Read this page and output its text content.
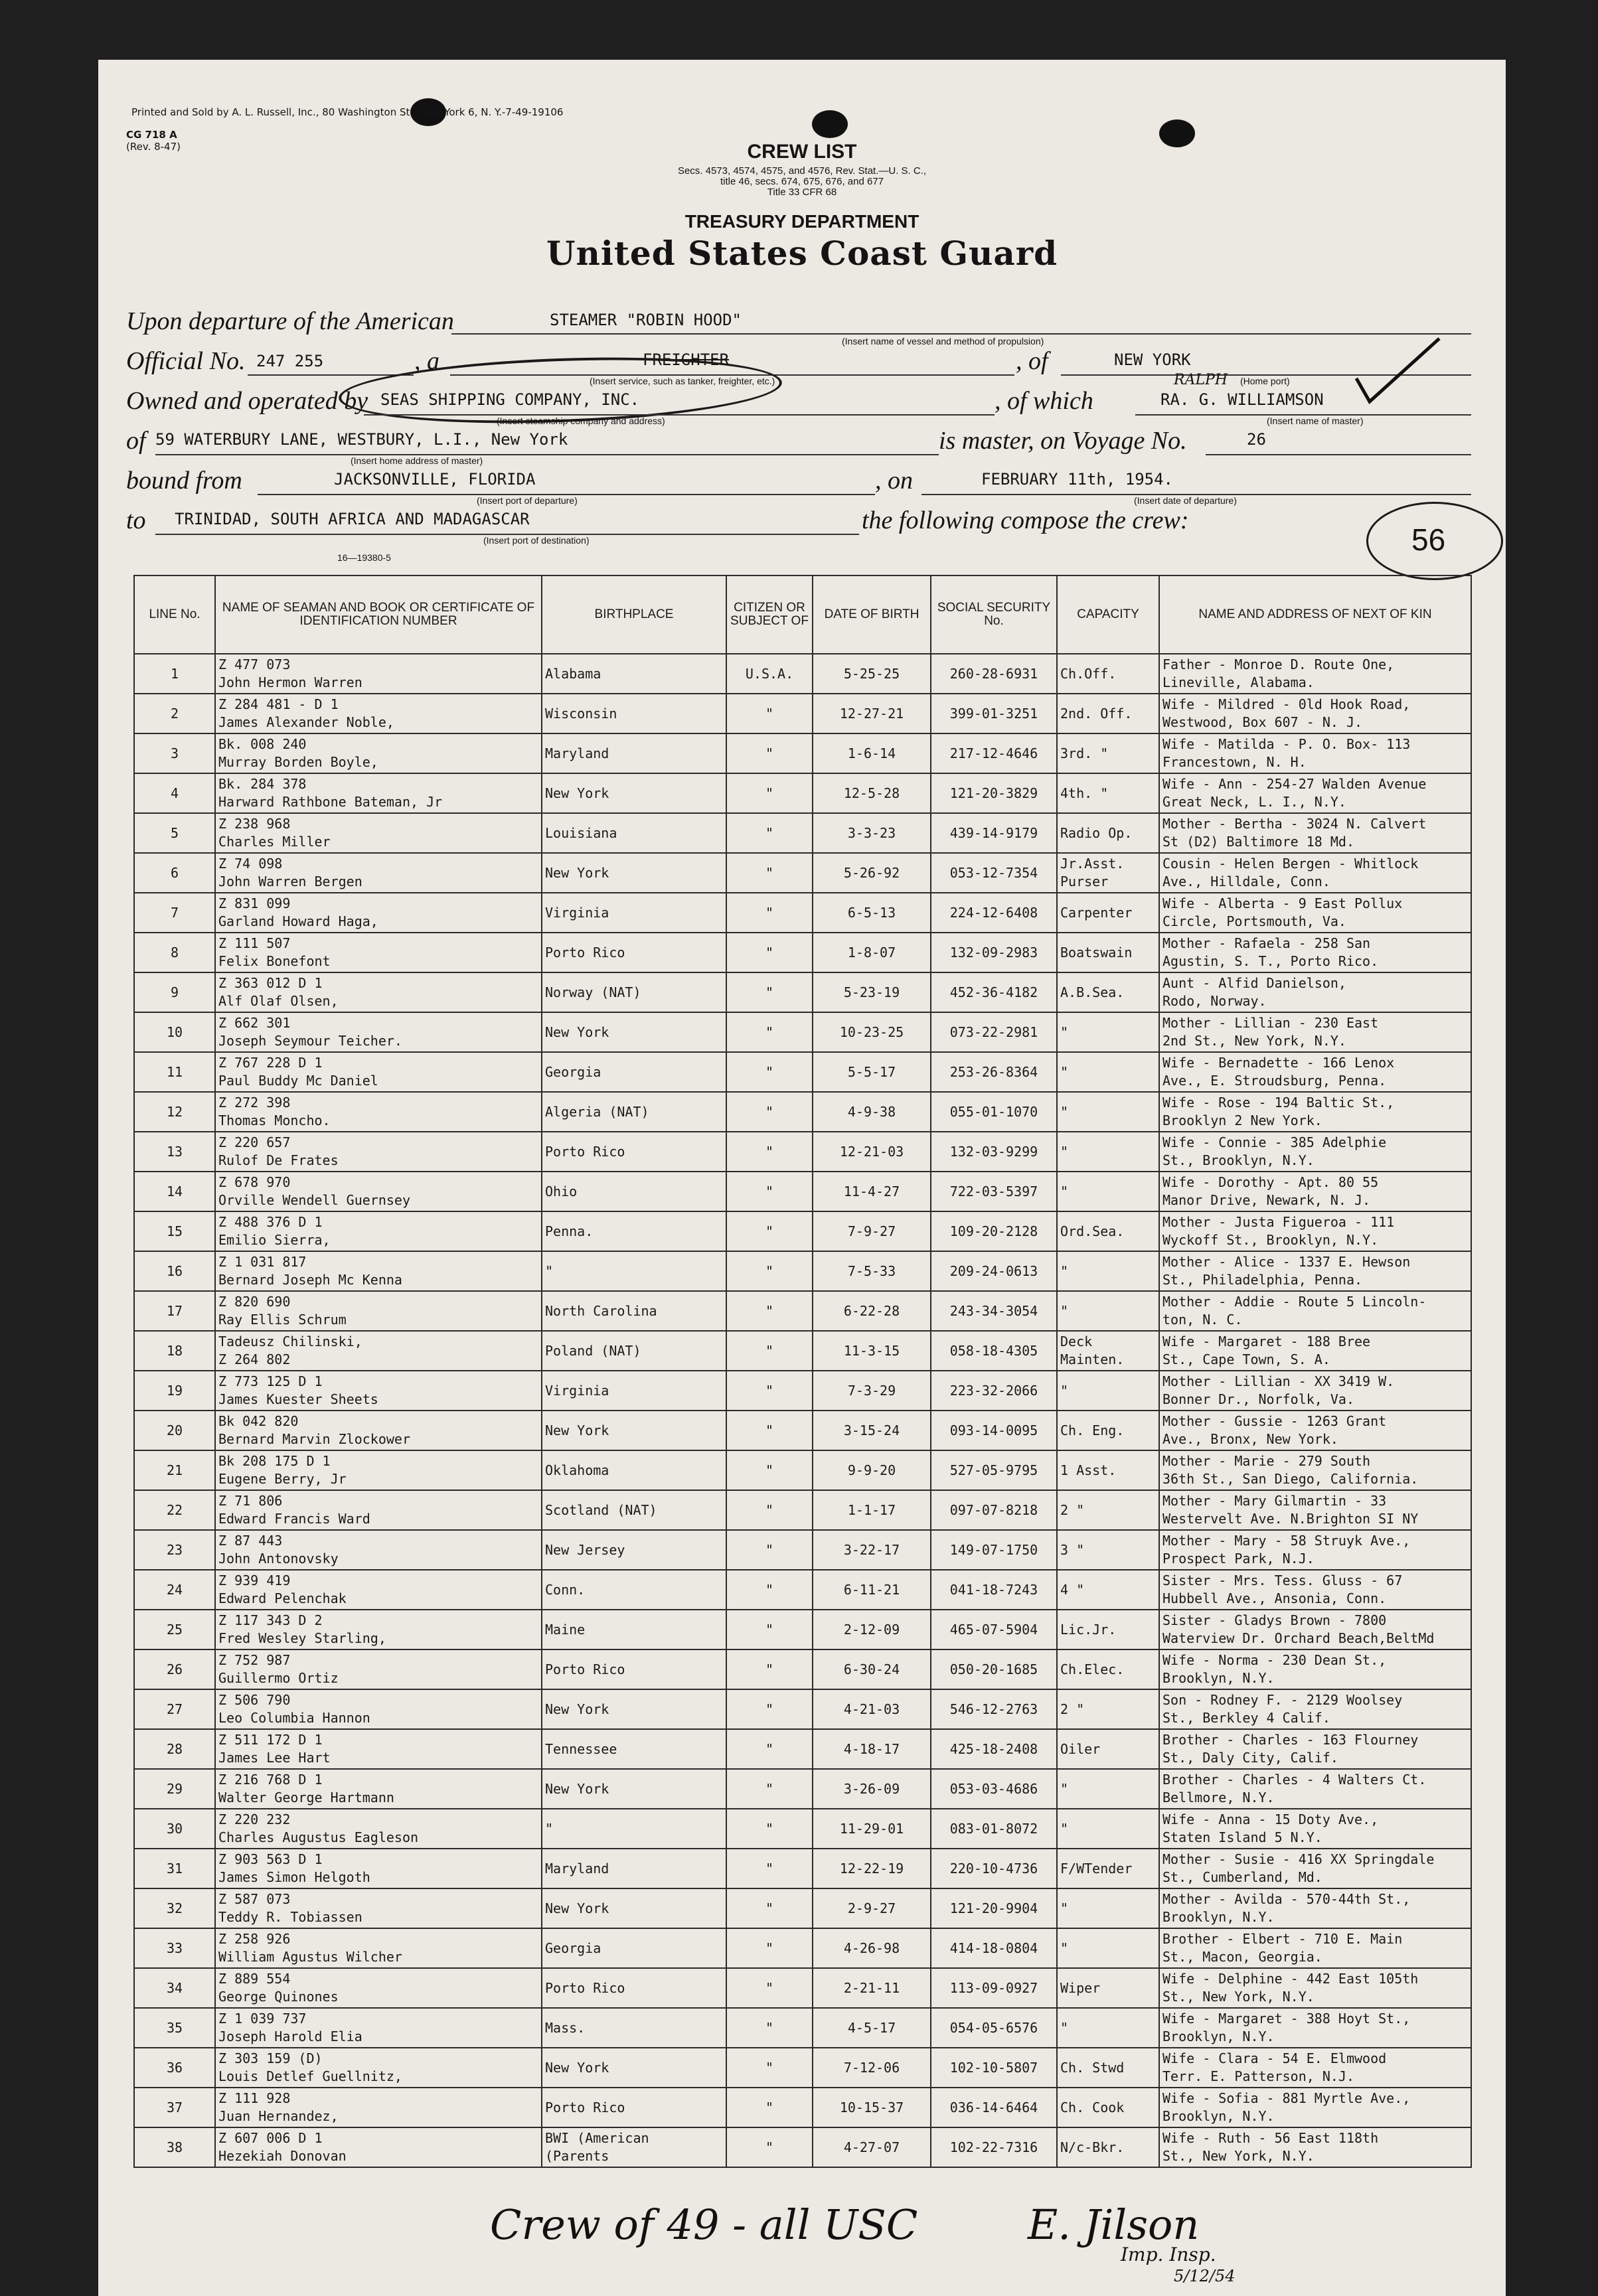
Printed and Sold by A. L. Russell, Inc., 80 Washington St., New York 6, N. Y.-7-49-19106
CG 718 A
(Rev. 8-47)	CREW LIST
Secs. 4573, 4574, 4575, and 4576, Rev. Stat.—U. S. C.,
title 46, secs. 674, 675, 676, and 677
Title 33 CFR 68
TREASURY DEPARTMENT
United States Coast Guard
Upon departure of the American	STEAMER "ROBIN HOOD"
(Insert name of vessel and method of propulsion)
Official No. 247 255	, a	FREIGHTER
(Insert service, such as tanker, freighter, etc.)
, of	NEW YORK
(Home port)
Owned and operated by SEAS SHIPPING COMPANY, INC.
(Insert steamship company and address)
, of which
RALPH
RA. G. WILLIAMSON
(Insert name of master)
of 59 WATERBURY LANE, WESTBURY, L.I., New York
(Insert home address of master)
is master, on Voyage No.	26
bound from	JACKSONVILLE, FLORIDA
(Insert port of departure)
, on	FEBRUARY 11th, 1954.
(Insert date of departure)
to TRINIDAD, SOUTH AFRICA AND MADAGASCAR
(Insert port of destination)
the following compose the crew:
16—19380-5
56
LINE No.	NAME OF SEAMAN AND BOOK OR CERTIFICATE OF IDENTIFICATION NUMBER	BIRTHPLACE	CITIZEN OR SUBJECT OF	DATE OF BIRTH	SOCIAL SECURITY No.	CAPACITY	NAME AND ADDRESS OF NEXT OF KIN

1	Z 477 073
John Hermon Warren	Alabama	U.S.A.	5-25-25	260-28-6931	Ch.Off.	Father - Monroe D. Route One,
Lineville, Alabama.

2	Z 284 481 - D 1
James Alexander Noble,	Wisconsin	"	12-27-21	399-01-3251	2nd. Off.	Wife - Mildred - 0ld Hook Road,
Westwood, Box 607 - N. J.

3	Bk. 008 240
Murray Borden Boyle,	Maryland	"	1-6-14	217-12-4646	3rd. "	Wife - Matilda - P. O. Box- 113
Francestown, N. H.

4	Bk. 284 378
Harward Rathbone Bateman, Jr	New York	"	12-5-28	121-20-3829	4th. "	Wife - Ann - 254-27 Walden Avenue
Great Neck, L. I., N.Y.

5	Z 238 968
Charles Miller	Louisiana	"	3-3-23	439-14-9179	Radio Op.	Mother - Bertha - 3024 N. Calvert
St (D2) Baltimore 18 Md.

6	Z 74 098
John Warren Bergen	New York	"	5-26-92	053-12-7354	Jr.Asst.
Purser	Cousin - Helen Bergen - Whitlock
Ave., Hilldale, Conn.

7	Z 831 099
Garland Howard Haga,	Virginia	"	6-5-13	224-12-6408	Carpenter	Wife - Alberta - 9 East Pollux
Circle, Portsmouth, Va.

8	Z 111 507
Felix Bonefont	Porto Rico	"	1-8-07	132-09-2983	Boatswain	Mother - Rafaela - 258 San
Agustin, S. T., Porto Rico.

9	Z 363 012 D 1
Alf Olaf Olsen,	Norway (NAT)	"	5-23-19	452-36-4182	A.B.Sea.	Aunt - Alfid Danielson,
Rodo, Norway.

10	Z 662 301
Joseph Seymour Teicher.	New York	"	10-23-25	073-22-2981	"	Mother - Lillian - 230 East
2nd St., New York, N.Y.

11	Z 767 228 D 1
Paul Buddy Mc Daniel	Georgia	"	5-5-17	253-26-8364	"	Wife - Bernadette - 166 Lenox
Ave., E. Stroudsburg, Penna.

12	Z 272 398
Thomas Moncho.	Algeria (NAT)	"	4-9-38	055-01-1070	"	Wife - Rose - 194 Baltic St.,
Brooklyn 2 New York.

13	Z 220 657
Rulof De Frates	Porto Rico	"	12-21-03	132-03-9299	"	Wife - Connie - 385 Adelphie
St., Brooklyn, N.Y.

14	Z 678 970
Orville Wendell Guernsey	Ohio	"	11-4-27	722-03-5397	"	Wife - Dorothy - Apt. 80 55
Manor Drive, Newark, N. J.

15	Z 488 376 D 1
Emilio Sierra,	Penna.	"	7-9-27	109-20-2128	Ord.Sea.	Mother - Justa Figueroa - 111
Wyckoff St., Brooklyn, N.Y.

16	Z 1 031 817
Bernard Joseph Mc Kenna	"	"	7-5-33	209-24-0613	"	Mother - Alice - 1337 E. Hewson
St., Philadelphia, Penna.

17	Z 820 690
Ray Ellis Schrum	North Carolina	"	6-22-28	243-34-3054	"	Mother - Addie - Route 5 Lincoln-
ton, N. C.

18	Tadeusz Chilinski,
Z 264 802	Poland (NAT)	"	11-3-15	058-18-4305	Deck
Mainten.	Wife - Margaret - 188 Bree
St., Cape Town, S. A.

19	Z 773 125 D 1
James Kuester Sheets	Virginia	"	7-3-29	223-32-2066	"	Mother - Lillian - XX 3419 W.
Bonner Dr., Norfolk, Va.

20	Bk 042 820
Bernard Marvin Zlockower	New York	"	3-15-24	093-14-0095	Ch. Eng.	Mother - Gussie - 1263 Grant
Ave., Bronx, New York.

21	Bk 208 175 D 1
Eugene Berry, Jr	Oklahoma	"	9-9-20	527-05-9795	1 Asst.	Mother - Marie - 279 South
36th St., San Diego, California.

22	Z 71 806
Edward Francis Ward	Scotland (NAT)	"	1-1-17	097-07-8218	2 "	Mother - Mary Gilmartin - 33
Westervelt Ave. N.Brighton SI NY

23	Z 87 443
John Antonovsky	New Jersey	"	3-22-17	149-07-1750	3 "	Mother - Mary - 58 Struyk Ave.,
Prospect Park, N.J.

24	Z 939 419
Edward Pelenchak	Conn.	"	6-11-21	041-18-7243	4 "	Sister - Mrs. Tess. Gluss - 67
Hubbell Ave., Ansonia, Conn.

25	Z 117 343 D 2
Fred Wesley Starling,	Maine	"	2-12-09	465-07-5904	Lic.Jr.	Sister - Gladys Brown - 7800
Waterview Dr. Orchard Beach,BeltMd

26	Z 752 987
Guillermo Ortiz	Porto Rico	"	6-30-24	050-20-1685	Ch.Elec.	Wife - Norma - 230 Dean St.,
Brooklyn, N.Y.

27	Z 506 790
Leo Columbia Hannon	New York	"	4-21-03	546-12-2763	2 "	Son - Rodney F. - 2129 Woolsey
St., Berkley 4 Calif.

28	Z 511 172 D 1
James Lee Hart	Tennessee	"	4-18-17	425-18-2408	Oiler	Brother - Charles - 163 Flourney
St., Daly City, Calif.

29	Z 216 768 D 1
Walter George Hartmann	New York	"	3-26-09	053-03-4686	"	Brother - Charles - 4 Walters Ct.
Bellmore, N.Y.

30	Z 220 232
Charles Augustus Eagleson	"	"	11-29-01	083-01-8072	"	Wife - Anna - 15 Doty Ave.,
Staten Island 5 N.Y.

31	Z 903 563 D 1
James Simon Helgoth	Maryland	"	12-22-19	220-10-4736	F/WTender	Mother - Susie - 416 XX Springdale
St., Cumberland, Md.

32	Z 587 073
Teddy R. Tobiassen	New York	"	2-9-27	121-20-9904	"	Mother - Avilda - 570-44th St.,
Brooklyn, N.Y.

33	Z 258 926
William Agustus Wilcher	Georgia	"	4-26-98	414-18-0804	"	Brother - Elbert - 710 E. Main
St., Macon, Georgia.

34	Z 889 554
George Quinones	Porto Rico	"	2-21-11	113-09-0927	Wiper	Wife - Delphine - 442 East 105th
St., New York, N.Y.

35	Z 1 039 737
Joseph Harold Elia	Mass.	"	4-5-17	054-05-6576	"	Wife - Margaret - 388 Hoyt St.,
Brooklyn, N.Y.

36	Z 303 159 (D)
Louis Detlef Guellnitz,	New York	"	7-12-06	102-10-5807	Ch. Stwd	Wife - Clara - 54 E. Elmwood
Terr. E. Patterson, N.J.

37	Z 111 928
Juan Hernandez,	Porto Rico	"	10-15-37	036-14-6464	Ch. Cook	Wife - Sofia - 881 Myrtle Ave.,
Brooklyn, N.Y.

38	Z 607 006 D 1
Hezekiah Donovan	BWI (American
(Parents	"	4-27-07	102-22-7316	N/c-Bkr.	Wife - Ruth - 56 East 118th
St., New York, N.Y.
Crew of 49 - all USC	E. Jilson
Imp. Insp.
5/12/54
